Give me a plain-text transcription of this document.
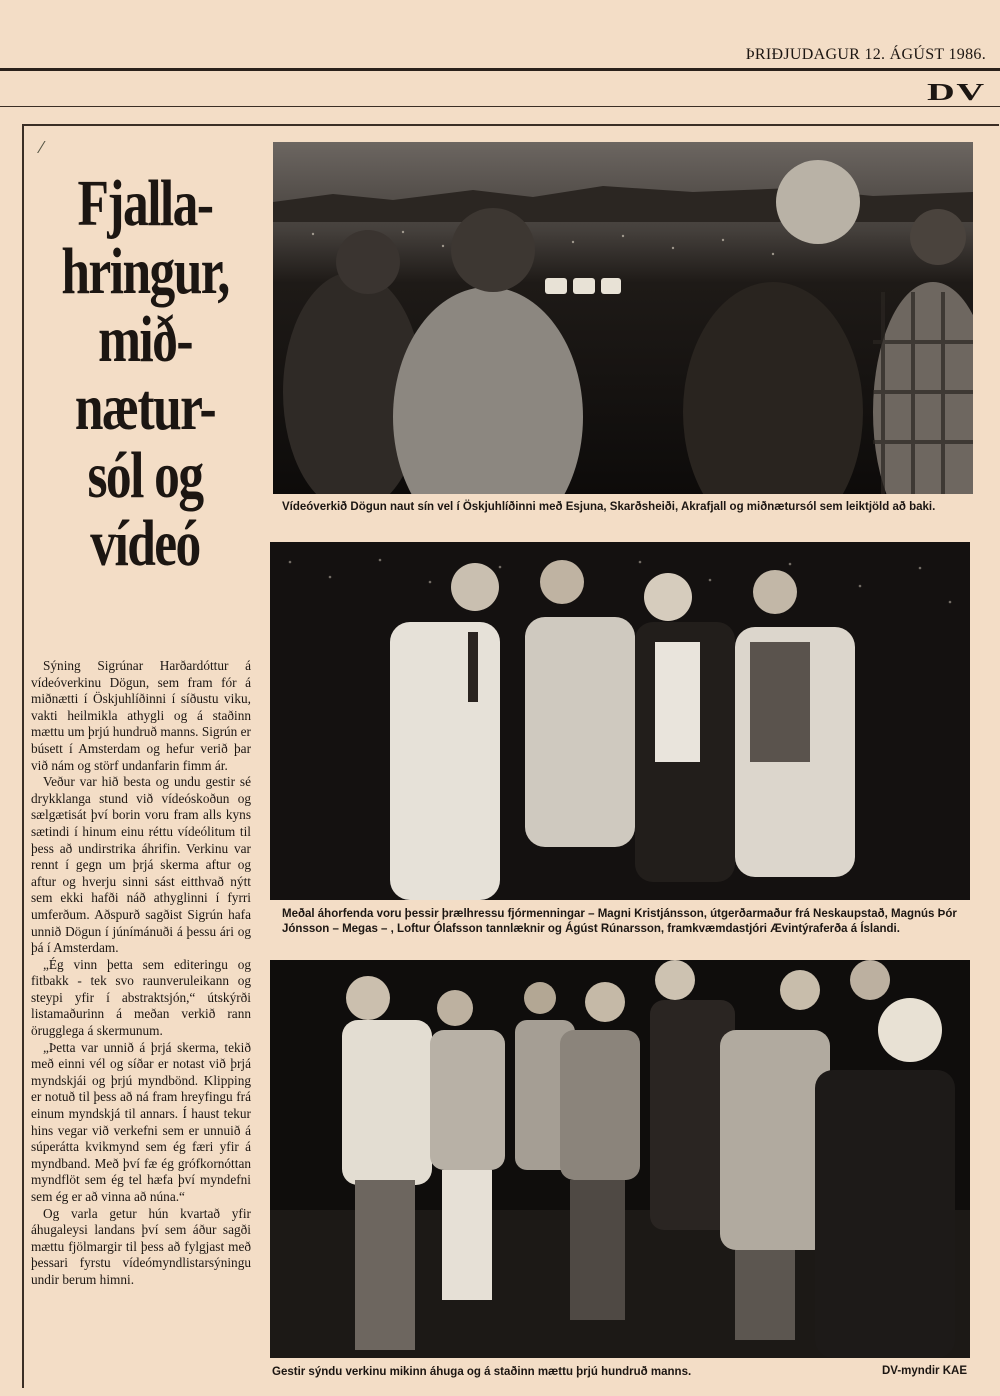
ÞRIÐJUDAGUR 12. ÁGÚST 1986.
DV
⁄
Fjalla-
hringur,
mið-
nætur-
sól og
vídeó

Sýning Sigrúnar Harðardóttur á vídeóverkinu Dögun, sem fram fór á miðnætti í Öskjuhlíðinni í síðustu viku, vakti heilmikla athygli og á staðinn mættu um þrjú hundruð manns. Sigrún er búsett í Amsterdam og hefur verið þar við nám og störf undanfarin fimm ár.

Veður var hið besta og undu gestir sé drykklanga stund við vídeóskoðun og sælgætisát því borin voru fram alls kyns sætindi í hinum einu réttu vídeólitum til þess að undirstrika áhrifin. Verkinu var rennt í gegn um þrjá skerma aftur og aftur og hverju sinni sást eitthvað nýtt sem ekki hafði náð athyglinni í fyrri umferðum. Aðspurð sagðist Sigrún hafa unnið Dögun í júnímánuði á þessu ári og þá í Amsterdam.

„Ég vinn þetta sem editeringu og fitbakk - tek svo raunveruleikann og steypi yfir í abstraktsjón,“ útskýrði listamaðurinn á meðan verkið rann örugglega á skermunum.

„Þetta var unnið á þrjá skerma, tekið með einni vél og síðar er notast við þrjá myndskjái og þrjú myndbönd. Klipping er notuð til þess að ná fram hreyfingu frá einum myndskjá til annars. Í haust tekur hins vegar við verkefni sem er unnuið á súperátta kvikmynd sem ég færi yfir á myndband. Með því fæ ég grófkornóttan myndflöt sem ég tel hæfa því myndefni sem ég er að vinna að núna.“

Og varla getur hún kvartað yfir áhugaleysi landans því sem áður sagði mættu fjölmargir til þess að fylgjast með þessari fyrstu vídeómyndlistarsýningu undir berum himni.

Vídeóverkið Dögun naut sín vel í Öskjuhlíðinni með Esjuna, Skarðsheiði, Akrafjall og miðnætursól sem leiktjöld að baki.
Meðal áhorfenda voru þessir þrælhressu fjórmenningar – Magni Kristjánsson, útgerðarmaður frá Neskaupstað, Magnús Þór Jónsson – Megas – , Loftur Ólafsson tannlæknir og Ágúst Rúnarsson, framkvæmdastjóri Ævintýraferða á Íslandi.
Gestir sýndu verkinu mikinn áhuga og á staðinn mættu þrjú hundruð manns.	DV-myndir KAE
